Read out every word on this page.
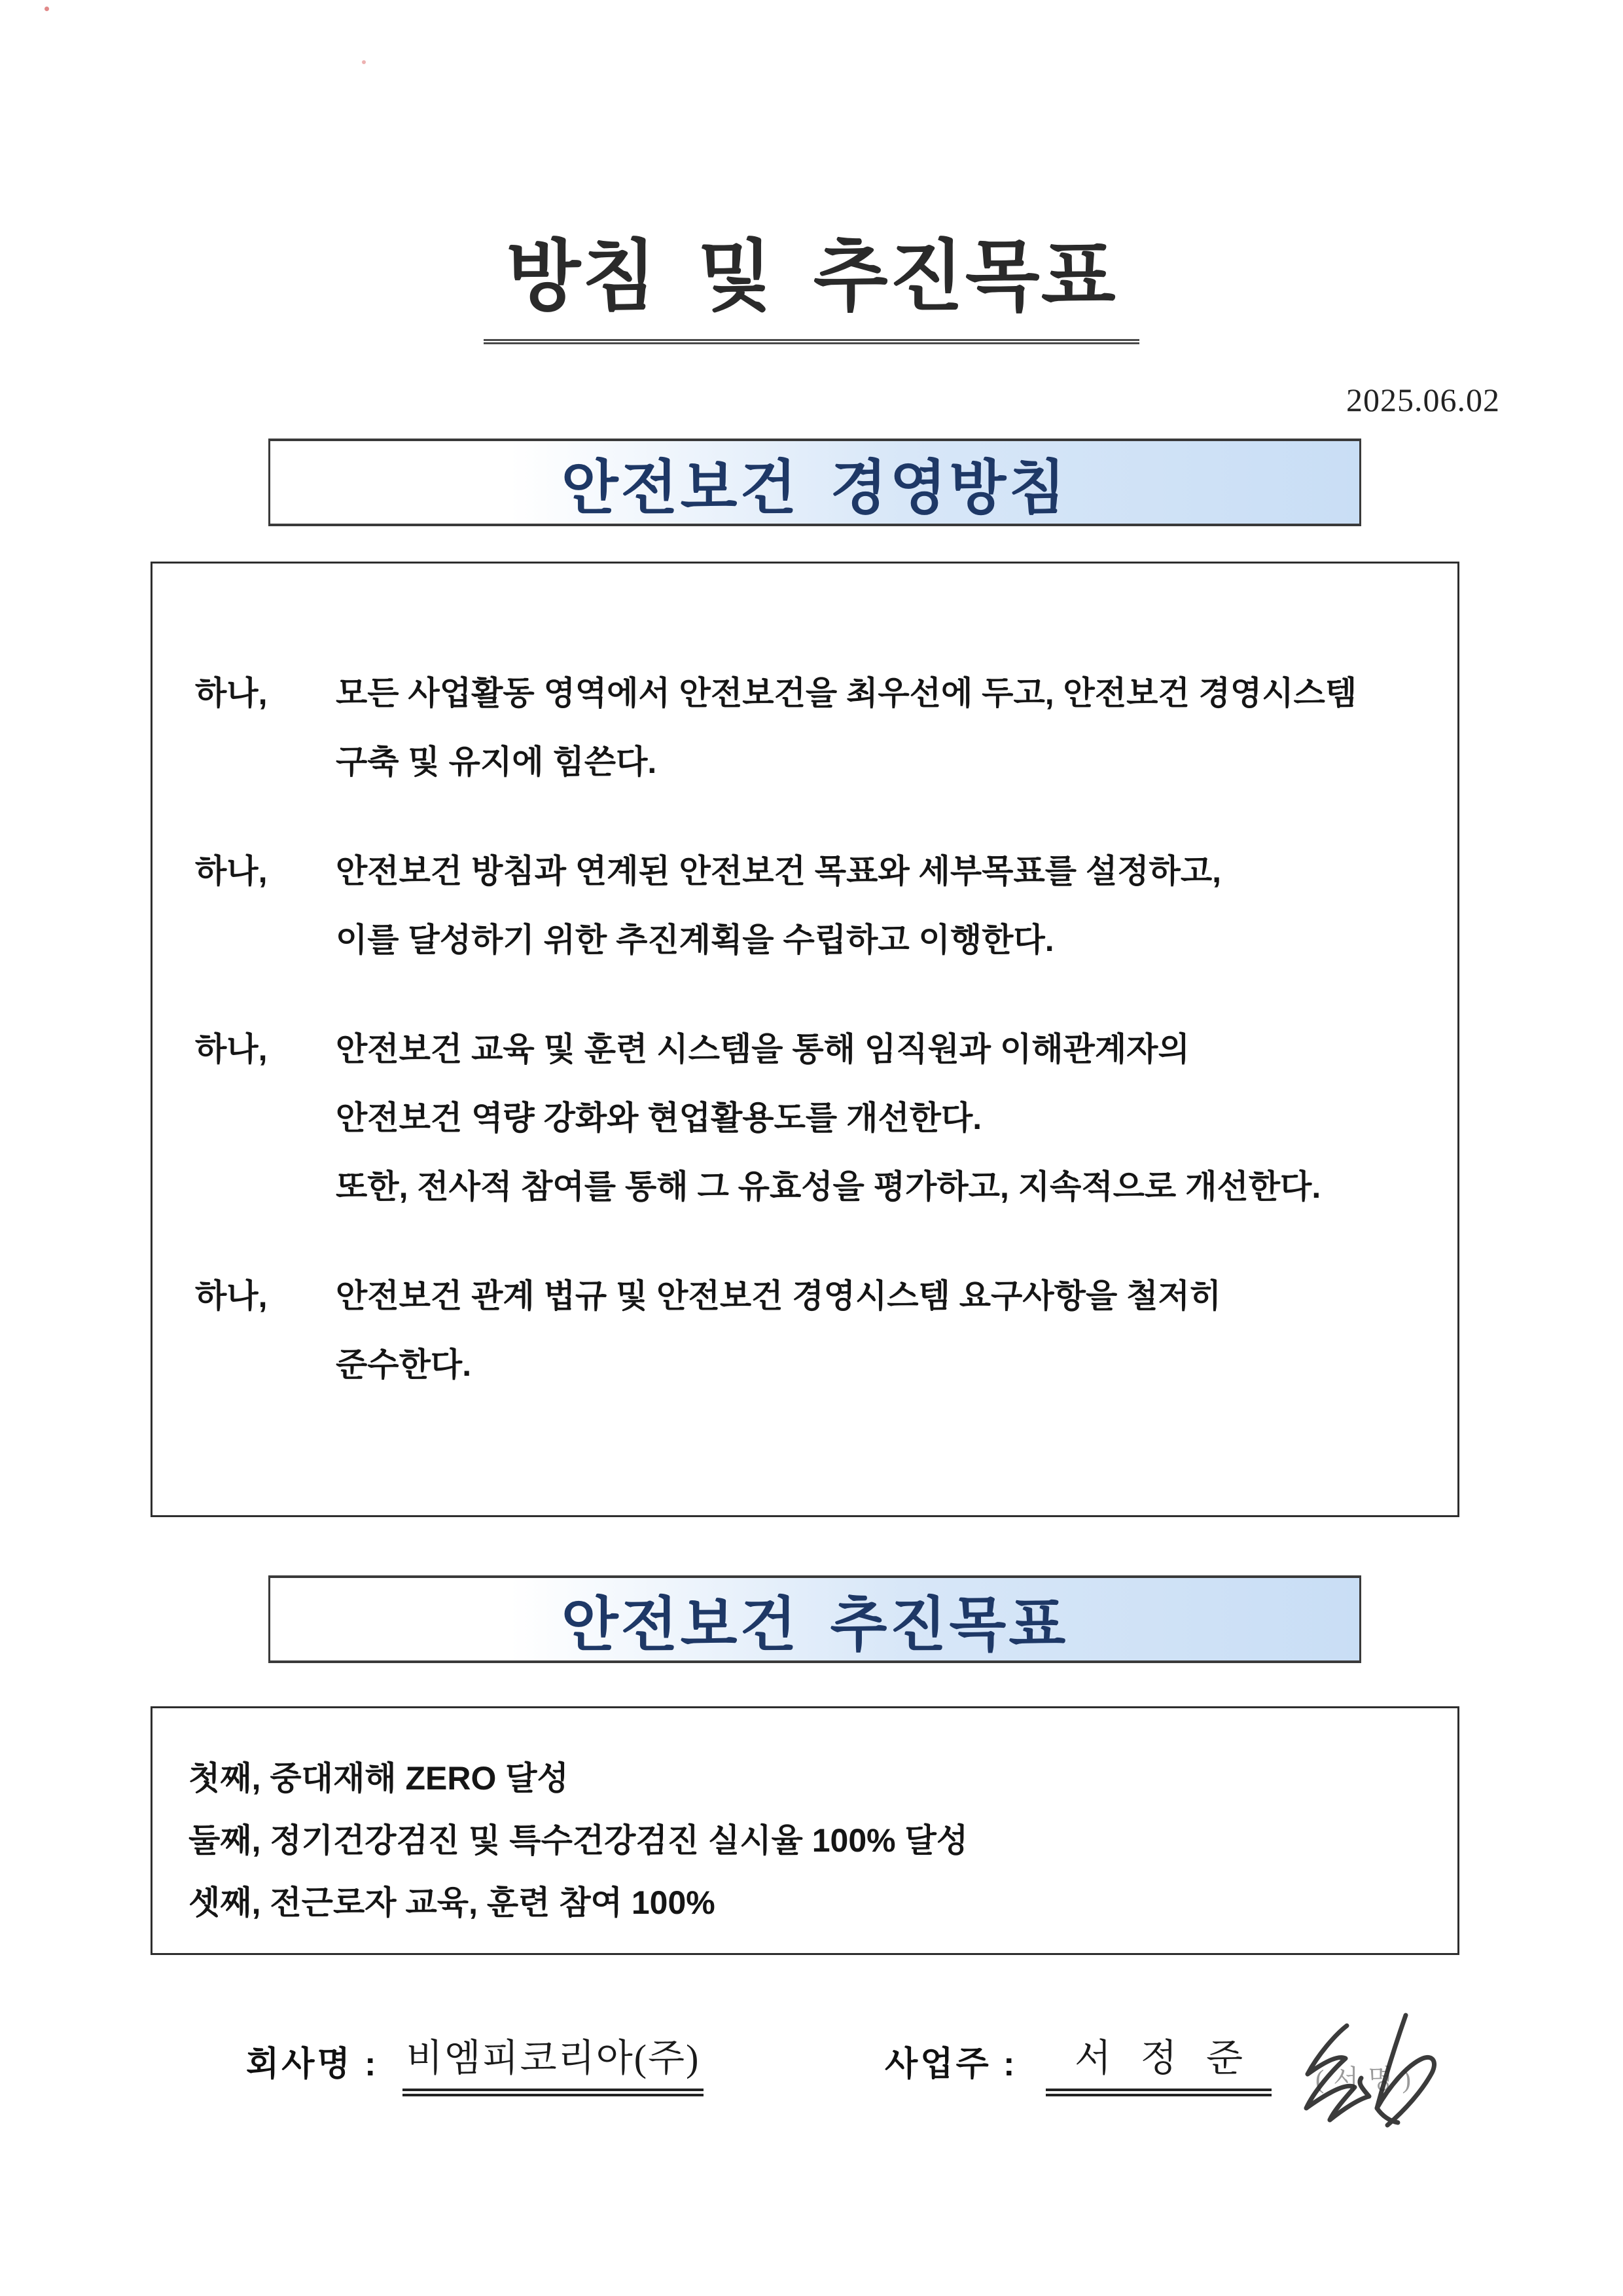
방침 및 추진목표
2025.06.02
안전보건 경영방침
하나,	모든 사업활동 영역에서 안전보건을 최우선에 두고, 안전보건 경영시스템
구축 및 유지에 힘쓴다.
하나,	안전보건 방침과 연계된 안전보건 목표와 세부목표를 설정하고,
이를 달성하기 위한 추진계획을 수립하고 이행한다.
하나,	안전보건 교육 및 훈련 시스템을 통해 임직원과 이해관계자의
안전보건 역량 강화와 현업활용도를 개선한다.
또한, 전사적 참여를 통해 그 유효성을 평가하고, 지속적으로 개선한다.
하나,	안전보건 관계 법규 및 안전보건 경영시스템 요구사항을 철저히
준수한다.
안전보건 추진목표
첫째, 중대재해 ZERO 달성
둘째, 정기건강검진 및 특수건강검진 실시율 100% 달성
셋째, 전근로자 교육, 훈련 참여 100%
회사명 : 비엠피코리아(주)	사업주 :	서 정 준	(서명)
